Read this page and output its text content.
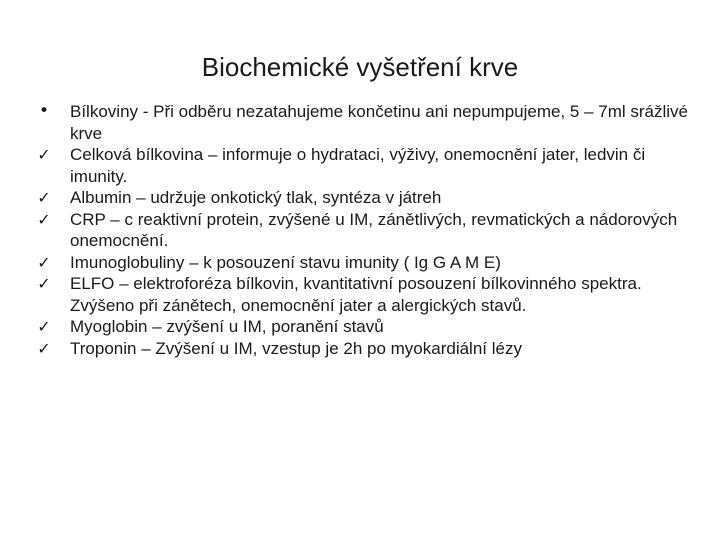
Biochemické vyšetření krve
• Bílkoviny - Při odběru nezatahujeme končetinu ani nepumpujeme, 5 – 7ml srážlivé krve
✓ Celková bílkovina – informuje o hydrataci, výživy, onemocnění jater, ledvin či imunity.
✓ Albumin – udržuje onkotický tlak, syntéza v játreh
✓ CRP – c reaktivní protein, zvýšené u IM, zánětlivých, revmatických a nádorových onemocnění.
✓ Imunoglobuliny – k posouzení stavu imunity ( Ig G A M E)
✓ ELFO – elektroforéza bílkovin, kvantitativní posouzení bílkovinného spektra. Zvýšeno při zánětech, onemocnění jater a alergických stavů.
✓ Myoglobin – zvýšení u IM, poranění stavů
✓ Troponin – Zvýšení u IM, vzestup je 2h po myokardiální lézy
